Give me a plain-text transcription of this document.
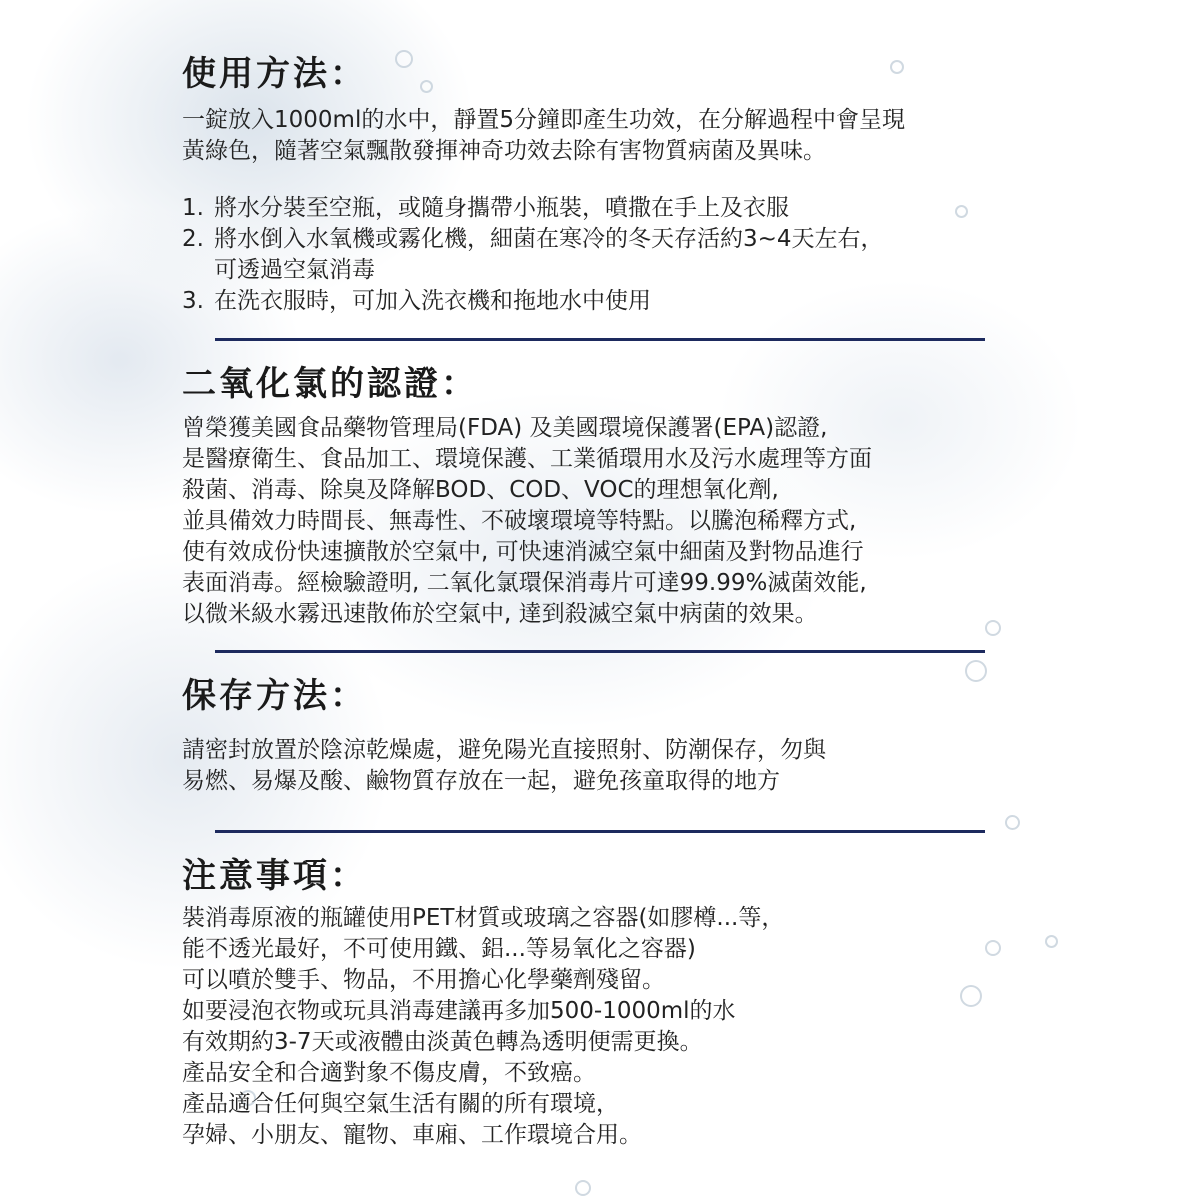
使用方法：

一錠放入1000ml的水中，靜置5分鐘即產生功效，在分解過程中會呈現
黃綠色，隨著空氣飄散發揮神奇功效去除有害物質病菌及異味。

1. 將水分裝至空瓶，或隨身攜帶小瓶裝，噴撒在手上及衣服
2. 將水倒入水氧機或霧化機，細菌在寒冷的冬天存活約3~4天左右，
可透過空氣消毒
3. 在洗衣服時，可加入洗衣機和拖地水中使用
二氧化氯的認證：

曾榮獲美國食品藥物管理局(FDA) 及美國環境保護署(EPA)認證,
是醫療衛生、食品加工、環境保護、工業循環用水及污水處理等方面
殺菌、消毒、除臭及降解BOD、COD、VOC的理想氧化劑,
並具備效力時間長、無毒性、不破壞環境等特點。以騰泡稀釋方式,
使有效成份快速擴散於空氣中, 可快速消滅空氣中細菌及對物品進行
表面消毒。經檢驗證明, 二氧化氯環保消毒片可達99.99%滅菌效能,
以微米級水霧迅速散佈於空氣中, 達到殺滅空氣中病菌的效果。

保存方法：

請密封放置於陰涼乾燥處，避免陽光直接照射、防潮保存，勿與
易燃、易爆及酸、鹼物質存放在一起，避免孩童取得的地方

注意事項：

裝消毒原液的瓶罐使用PET材質或玻璃之容器(如膠樽...等，
能不透光最好，不可使用鐵、鋁...等易氧化之容器)
可以噴於雙手、物品，不用擔心化學藥劑殘留。
如要浸泡衣物或玩具消毒建議再多加500-1000ml的水
有效期約3-7天或液體由淡黃色轉為透明便需更換。
產品安全和合適對象不傷皮膚，不致癌。
產品適合任何與空氣生活有關的所有環境，
孕婦、小朋友、寵物、車廂、工作環境合用。
